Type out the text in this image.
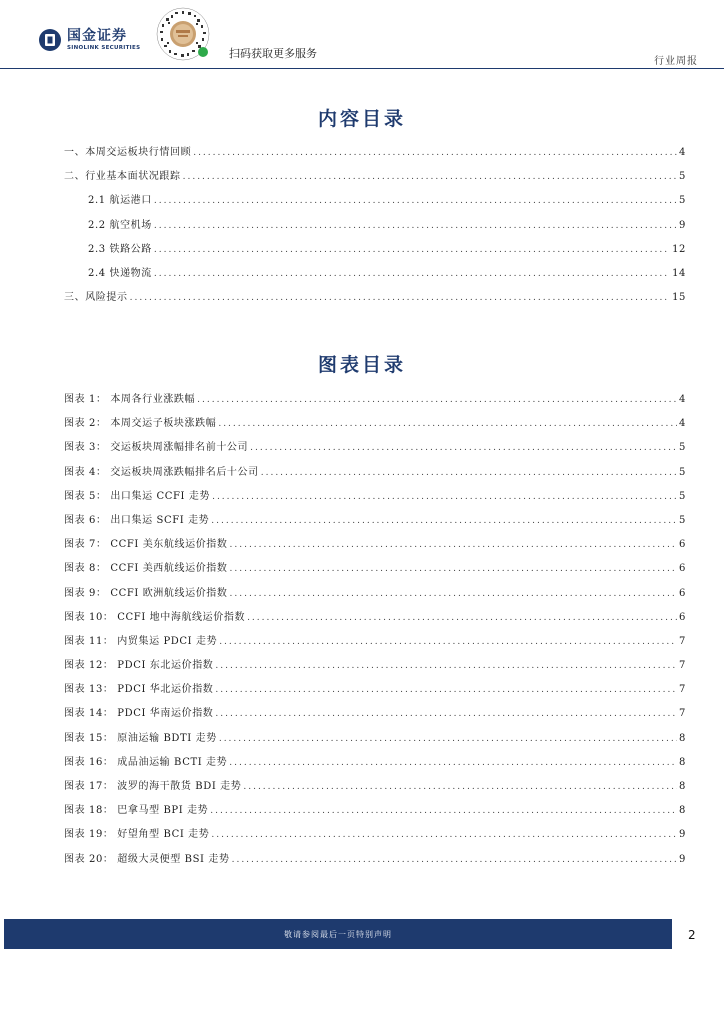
国金证券
SINOLINK SECURITIES	扫码获取更多服务
行业周报
内容目录
一、本周交运板块行情回顾 .....	4
二、行业基本面状况跟踪 .....	5
2.1 航运港口 .....	5
2.2 航空机场 .....	9
2.3 铁路公路 .....	12
2.4 快递物流 .....	14
三、风险提示 .....	15
图表目录
图表 1： 本周各行业涨跌幅 .....	4
图表 2： 本周交运子板块涨跌幅 .....	4
图表 3： 交运板块周涨幅排名前十公司 .....	5
图表 4： 交运板块周涨跌幅排名后十公司 .....	5
图表 5： 出口集运 CCFI 走势 .....	5
图表 6： 出口集运 SCFI 走势 .....	5
图表 7： CCFI 美东航线运价指数 .....	6
图表 8： CCFI 美西航线运价指数 .....	6
图表 9： CCFI 欧洲航线运价指数 .....	6
图表 10： CCFI 地中海航线运价指数 .....	6
图表 11： 内贸集运 PDCI 走势 .....	7
图表 12： PDCI 东北运价指数 .....	7
图表 13： PDCI 华北运价指数 .....	7
图表 14： PDCI 华南运价指数 .....	7
图表 15： 原油运输 BDTI 走势 .....	8
图表 16： 成品油运输 BCTI 走势 .....	8
图表 17： 波罗的海干散货 BDI 走势 .....	8
图表 18： 巴拿马型 BPI 走势 .....	8
图表 19： 好望角型 BCI 走势 .....	9
图表 20： 超级大灵便型 BSI 走势 .....	9
敬请参阅最后一页特别声明	2
